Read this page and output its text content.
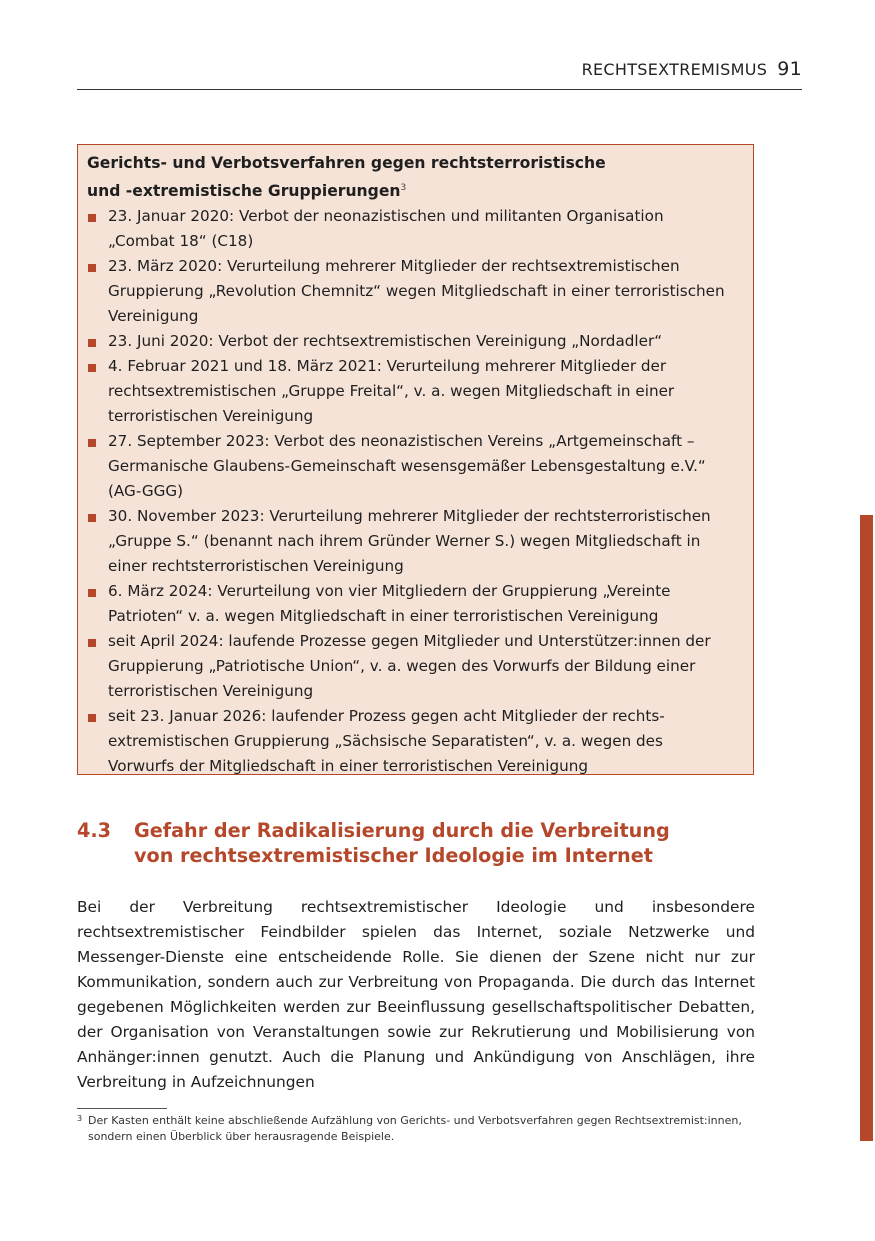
RECHTSEXTREMISMUS 91

Gerichts- und Verbotsverfahren gegen rechtsterroristische
und -extremistische Gruppierungen$^3$

23. Januar 2020: Verbot der neonazistischen und militanten Organisation
„Combat 18“ (C18)
23. März 2020: Verurteilung mehrerer Mitglieder der rechtsextremistischen
Gruppierung „Revolution Chemnitz“ wegen Mitgliedschaft in einer terroristischen
Vereinigung
23. Juni 2020: Verbot der rechtsextremistischen Vereinigung „Nordadler“
4. Februar 2021 und 18. März 2021: Verurteilung mehrerer Mitglieder der
rechtsextremistischen „Gruppe Freital“, v. a. wegen Mitgliedschaft in einer
terroristischen Vereinigung
27. September 2023: Verbot des neonazistischen Vereins „Artgemeinschaft –
Germanische Glaubens-Gemeinschaft wesensgemäßer Lebensgestaltung e.V.“
(AG-GGG)
30. November 2023: Verurteilung mehrerer Mitglieder der rechtsterroristischen
„Gruppe S.“ (benannt nach ihrem Gründer Werner S.) wegen Mitgliedschaft in
einer rechtsterroristischen Vereinigung
6. März 2024: Verurteilung von vier Mitgliedern der Gruppierung „Vereinte
Patrioten“ v. a. wegen Mitgliedschaft in einer terroristischen Vereinigung
seit April 2024: laufende Prozesse gegen Mitglieder und Unterstützer:innen der
Gruppierung „Patriotische Union“, v. a. wegen des Vorwurfs der Bildung einer
terroristischen Vereinigung
seit 23. Januar 2026: laufender Prozess gegen acht Mitglieder der rechts-
extremistischen Gruppierung „Sächsische Separatisten“, v. a. wegen des
Vorwurfs der Mitgliedschaft in einer terroristischen Vereinigung
4.3 Gefahr der Radikalisierung durch die Verbreitung
von rechtsextremistischer Ideologie im Internet

Bei der Verbreitung rechtsextremistischer Ideologie und insbesondere rechtsextremistischer Feindbilder spielen das Internet, soziale Netzwerke und Messenger-Dienste eine entscheidende Rolle. Sie dienen der Szene nicht nur zur Kommunikation, sondern auch zur Verbreitung von Propaganda. Die durch das Internet gegebenen Möglichkeiten werden zur Beeinflussung gesellschaftspolitischer Debatten, der Organisation von Veranstaltungen sowie zur Rekrutierung und Mobilisierung von Anhänger:innen genutzt. Auch die Planung und Ankündigung von Anschlägen, ihre Verbreitung in Aufzeichnungen

3 Der Kasten enthält keine abschließende Aufzählung von Gerichts- und Verbotsverfahren gegen Rechtsextremist:innen, sondern einen Überblick über herausragende Beispiele.
